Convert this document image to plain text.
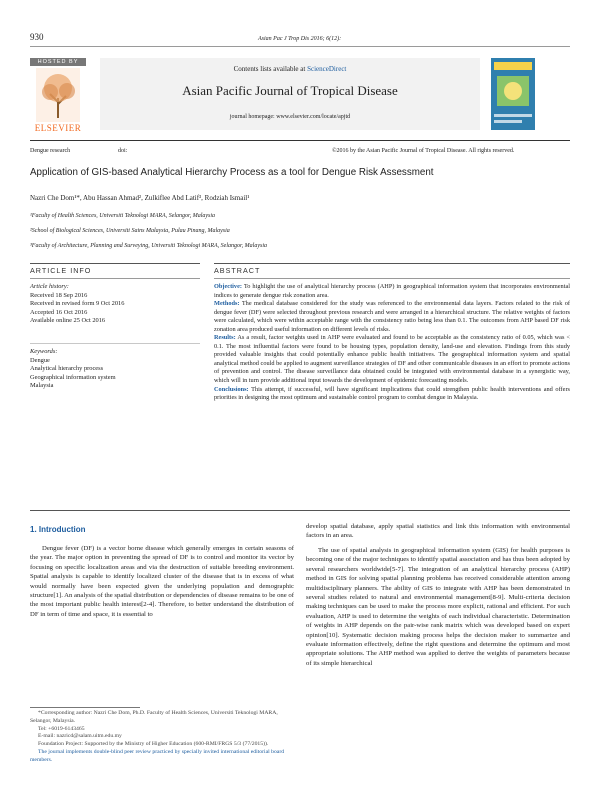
930	Asian Pac J Trop Dis 2016; 6(12):
HOSTED BY
ELSEVIER
Contents lists available at ScienceDirect
Asian Pacific Journal of Tropical Disease
journal homepage: www.elsevier.com/locate/apjtd
Dengue research	doi:	©2016 by the Asian Pacific Journal of Tropical Disease. All rights reserved.
Application of GIS-based Analytical Hierarchy Process as a tool for Dengue Risk Assessment
Nazri Che Dom¹*, Abu Hassan Ahmad², Zulkiflee Abd Latif³, Rodziah Ismail¹
¹Faculty of Health Sciences, Universiti Teknologi MARA, Selangor, Malaysia
²School of Biological Sciences, Universiti Sains Malaysia, Pulau Pinang, Malaysia
³Faculty of Architecture, Planning and Surveying, Universiti Teknologi MARA, Selangor, Malaysia
ARTICLE INFO
Article history:
Received 18 Sep 2016
Received in revised form 9 Oct 2016
Accepted 16 Oct 2016
Available online 25 Oct 2016
Keywords:
Dengue
Analytical hierarchy process
Geographical information system
Malaysia
ABSTRACT
Objective: To highlight the use of analytical hierarchy process (AHP) in geographical information system that incorporates environmental indices to generate dengue risk zonation area.
Methods: The medical database considered for the study was referenced to the environmental data layers. Factors related to the risk of dengue fever (DF) were selected throughout previous research and were arranged in a hierarchical structure. The relative weights of factors were calculated, which were within acceptable range with the consistency ratio being less than 0.1. The outcomes from AHP based DF risk zonation area produced useful information on different levels of risks.
Results: As a result, factor weights used in AHP were evaluated and found to be acceptable as the consistency ratio of 0.05, which was < 0.1. The most influential factors were found to be housing types, population density, land-use and elevation. Findings from this study provided valuable insights that could potentially enhance public health initiatives. The geographical information system and spatial analytical method could be applied to augment surveillance strategies of DF and other communicable diseases in an effort to promote actions of prevention and control. The disease surveillance data obtained could be integrated with environmental database in a synergistic way, which will in turn provide additional input towards the development of epidemic forecasting models.
Conclusions: This attempt, if successful, will have significant implications that could strengthen public health interventions and offers priorities in designing the most optimum and sustainable control program to combat dengue in Malaysia.
1. Introduction
Dengue fever (DF) is a vector borne disease which generally emerges in certain seasons of the year. The major option in preventing the spread of DF is to control and monitor its vector by focusing on specific localization areas and via the destruction of suitable breeding environment. Spatial analysis is capable to identify localized cluster of the disease that is in excess of what would normally have been expected given the underlying population and demographic structure[1]. An analysis of the spatial distribution or dependencies of disease remains to be one of the most important public health interest[2-4]. Therefore, to better understand the distribution of DF in term of time and space, it is essential to
*Corresponding author: Nazri Che Dom, Ph.D. Faculty of Health Sciences, Universiti Teknologi MARA, Selangor, Malaysia.
Tel: +6019-6143465
E-mail: nazricd@salam.uitm.edu.my
Foundation Project: Supported by the Ministry of Higher Education (600-RMI/FRGS 5/3 (77/2015)).
The journal implements double-blind peer review practiced by specially invited international editorial board members.
develop spatial database, apply spatial statistics and link this information with environmental factors in an area.
The use of spatial analysis in geographical information system (GIS) for health purposes is becoming one of the major techniques to identify spatial association and has thus been adopted by several researchers worldwide[5-7]. The integration of an analytical hierarchy process (AHP) method in GIS for solving spatial planning problems has received considerable attention among multidisciplinary planners. The ability of GIS to integrate with AHP has been demonstrated in several studies related to natural and environmental management[8-9]. Multi-criteria decision making techniques can be used to make the process more explicit, rational and efficient. For such evaluation, AHP is used to determine the weights of each individual characteristic. Determination of weights in AHP depends on the pair-wise rank matrix which was developed based on expert opinion[10]. Systematic decision making process helps the decision maker to summarize and evaluate information effectively, define the right questions and determine the optimum and most appropriate solutions. The AHP method was applied to derive the weights of parameters because of its simple hierarchical
